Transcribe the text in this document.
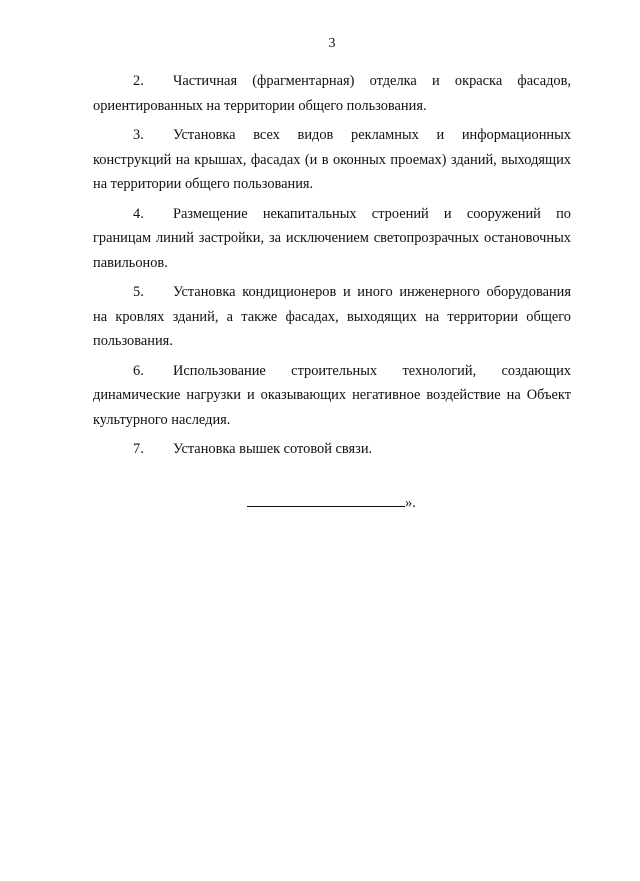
3

2. Частичная (фрагментарная) отделка и окраска фасадов, ориентированных на территории общего пользования.

3. Установка всех видов рекламных и информационных конструкций на крышах, фасадах (и в оконных проемах) зданий, выходящих на территории общего пользования.

4. Размещение некапитальных строений и сооружений по границам линий застройки, за исключением светопрозрачных остановочных павильонов.

5. Установка кондиционеров и иного инженерного оборудования на кровлях зданий, а также фасадах, выходящих на территории общего пользования.

6. Использование строительных технологий, создающих динамические нагрузки и оказывающих негативное воздействие на Объект культурного наследия.

7. Установка вышек сотовой связи.

».
